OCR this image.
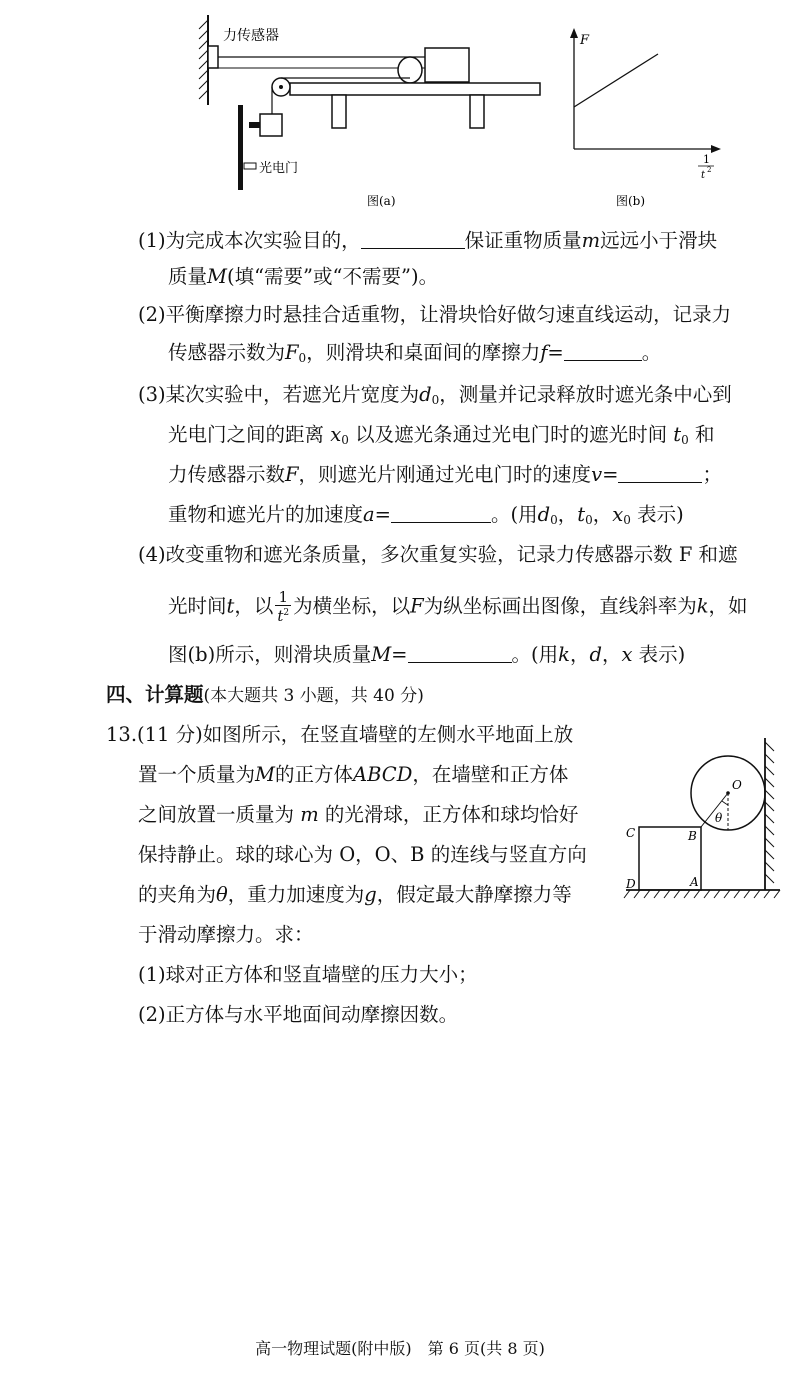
力传感器
光电门
图(a)
F
1
t 2
图(b)
(1)为完成本次实验目的，	保证重物质量m远远小于滑块
质量M(填“需要”或“不需要”)。
(2)平衡摩擦力时悬挂合适重物，让滑块恰好做匀速直线运动，记录力
传感器示数为$F_0$，则滑块和桌面间的摩擦力f=	。
(3)某次实验中，若遮光片宽度为$d_0$，测量并记录释放时遮光条中心到
光电门之间的距离 $x_0$ 以及遮光条通过光电门时的遮光时间 $t_0$ 和
力传感器示数F，则遮光片刚通过光电门时的速度v=	；
重物和遮光片的加速度a=	。(用$d_0$，$t_0$，$x_0$ 表示)
(4)改变重物和遮光条质量，多次重复实验，记录力传感器示数 F 和遮
光时间t，以 $\frac{1}{t^2}$ 为横坐标，以F为纵坐标画出图像，直线斜率为k，如
图(b)所示，则滑块质量M=	。(用k，d，x 表示)
四、计算题(本大题共 3 小题，共 40 分)
13.(11 分)如图所示，在竖直墙壁的左侧水平地面上放
置一个质量为M的正方体ABCD，在墙壁和正方体
之间放置一质量为 m 的光滑球，正方体和球均恰好
保持静止。球的球心为 O，O、B 的连线与竖直方向
的夹角为θ，重力加速度为g，假定最大静摩擦力等
于滑动摩擦力。求：
(1)球对正方体和竖直墙壁的压力大小；
(2)正方体与水平地面间动摩擦因数。
O
θ
B
C
D	A
高一物理试题(附中版)　第 6 页(共 8 页)
